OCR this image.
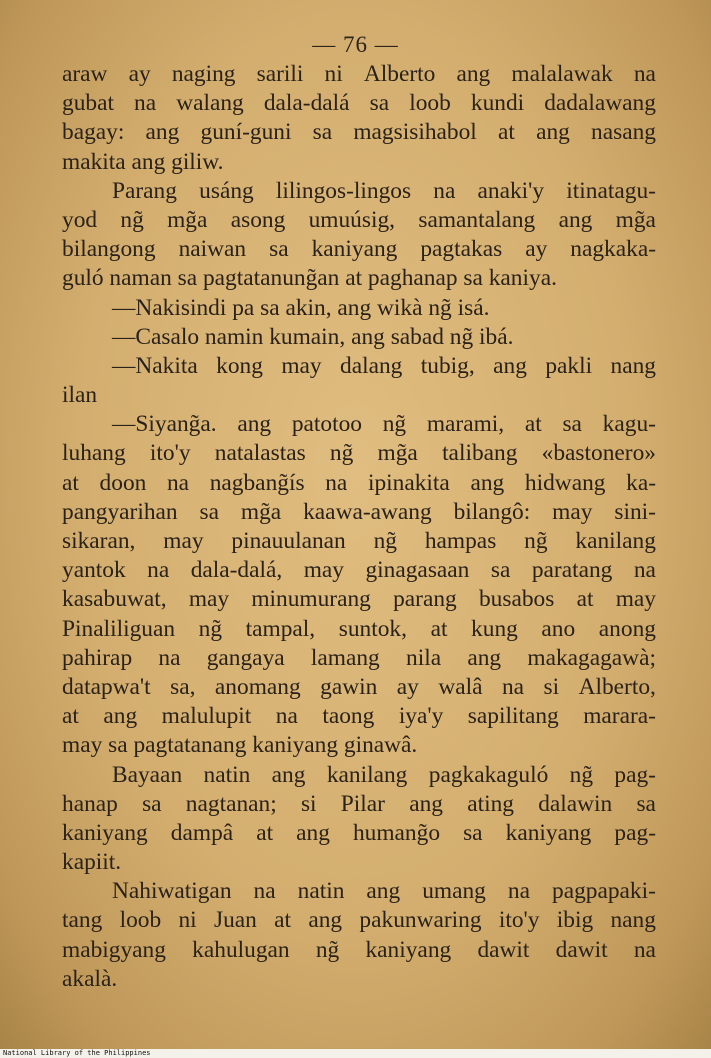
— 76 —
araw ay naging sarili ni Alberto ang malalawak na
gubat na walang dala-dalá sa loob kundi dadalawang
bagay: ang guní-guni sa magsisihabol at ang nasang
makita ang giliw.
Parang usáng lilingos-lingos na anaki'y itinatagu-
yod ng̃ mg̃a asong umuúsig, samantalang ang mg̃a
bilangong naiwan sa kaniyang pagtakas ay nagkaka-
guló naman sa pagtatanung̃an at paghanap sa kaniya.
—Nakisindi pa sa akin, ang wikà ng̃ isá.
—Casalo namin kumain, ang sabad ng̃ ibá.
—Nakita kong may dalang tubig, ang pakli nang
ilan
—Siyang̃a. ang patotoo ng̃ marami, at sa kagu-
luhang ito'y natalastas ng̃ mg̃a talibang «bastonero»
at doon na nagbang̃ís na ipinakita ang hidwang ka-
pangyarihan sa mg̃a kaawa-awang bilangô: may sini-
sikaran, may pinauulanan ng̃ hampas ng̃ kanilang
yantok na dala-dalá, may ginagasaan sa paratang na
kasabuwat, may minumurang parang busabos at may
Pinaliliguan ng̃ tampal, suntok, at kung ano anong
pahirap na gangaya lamang nila ang makagagawà;
datapwa't sa, anomang gawin ay walâ na si Alberto,
at ang malulupit na taong iya'y sapilitang marara-
may sa pagtatanang kaniyang ginawâ.
Bayaan natin ang kanilang pagkakaguló ng̃ pag-
hanap sa nagtanan; si Pilar ang ating dalawin sa
kaniyang dampâ at ang humang̃o sa kaniyang pag-
kapiit.
Nahiwatigan na natin ang umang na pagpapaki-
tang loob ni Juan at ang pakunwaring ito'y ibig nang
mabigyang kahulugan ng̃ kaniyang dawit dawit na
akalà.
National Library of the Philippines
